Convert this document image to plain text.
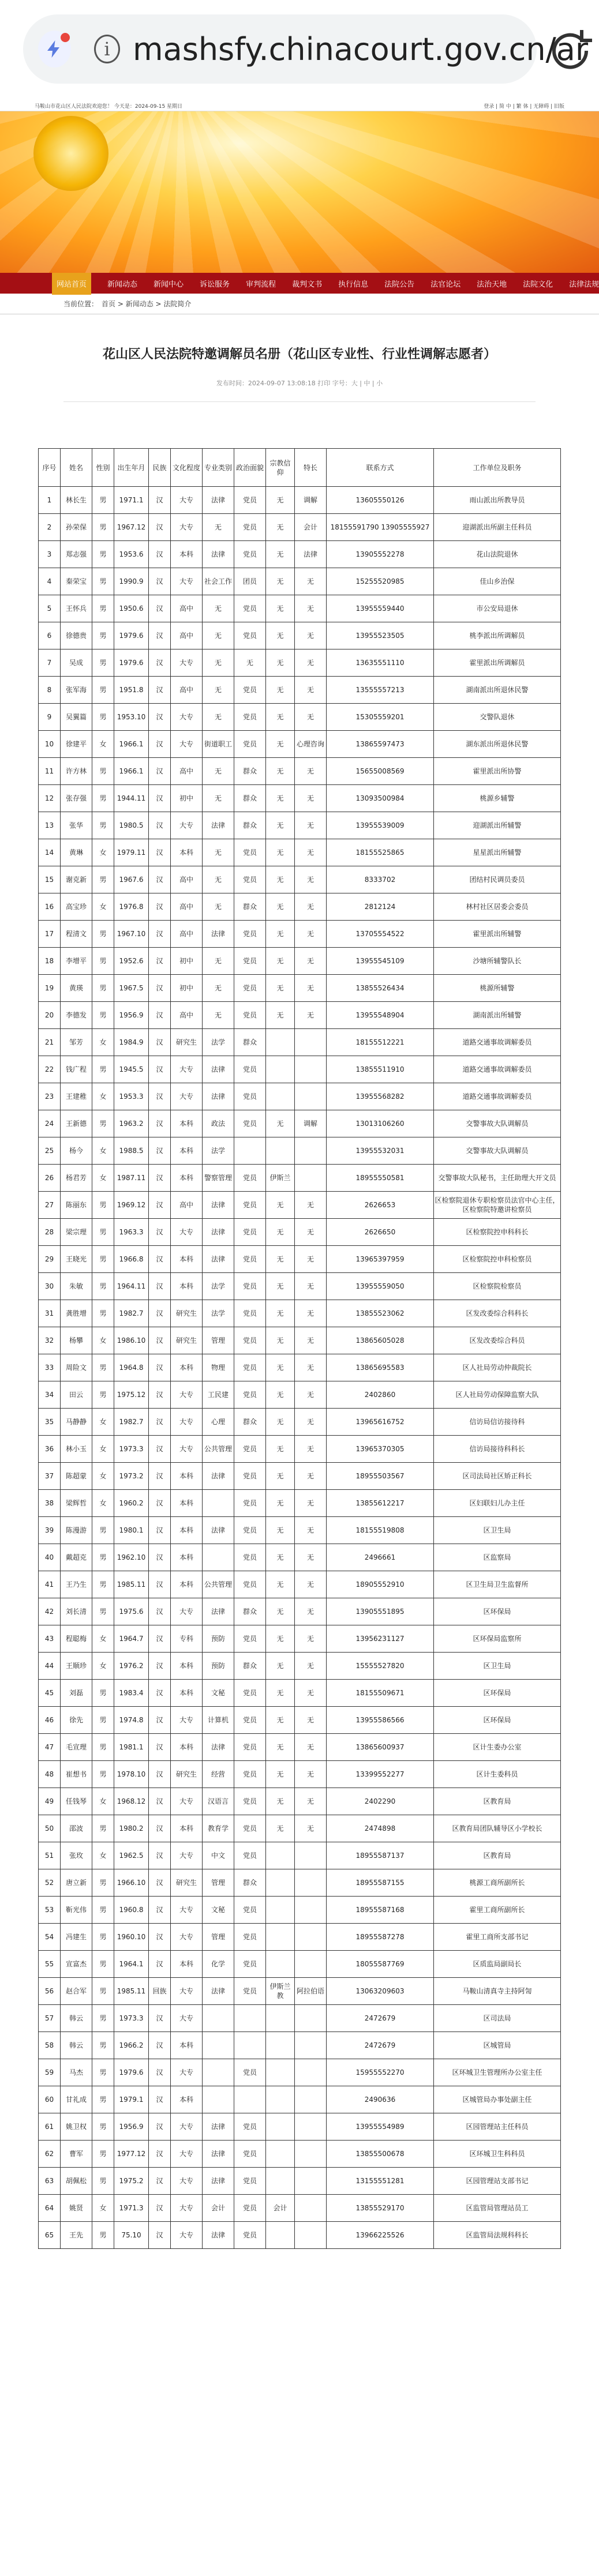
i mashsfy.chinacourt.gov.cn/ar
马鞍山市花山区人民法院欢迎您！ 今天是：2024-09-15 星期日	登录 | 简 中 | 繁 体 | 无障碍 | 旧版
网站首页	新闻动态 新闻中心 诉讼服务 审判流程 裁判文书 执行信息 法院公告 法官论坛 法治天地 法院文化 法律法规
当前位置： 首页 > 新闻动态 > 法院简介
花山区人民法院特邀调解员名册（花山区专业性、行业性调解志愿者）
发布时间：2024-09-07 13:08:18 打印 字号：大 | 中 | 小
序号	姓名	性别	出生年月	民族	文化程度	专业类别	政治面貌	宗教信仰	特长	联系方式	工作单位及职务
1	林长生	男	1971.1	汉	大专	法律	党员	无	调解	13605550126	雨山派出所教导员
2	孙荣保	男	1967.12	汉	大专	无	党员	无	会计	18155591790 13905555927	迎湖派出所副主任科员
3	郑志强	男	1953.6	汉	本科	法律	党员	无	法律	13905552278	花山法院退休
4	秦荣宝	男	1990.9	汉	大专	社会工作	团员	无	无	15255520985	佳山乡治保
5	王怀兵	男	1950.6	汉	高中	无	党员	无	无	13955559440	市公安局退休
6	徐德贵	男	1979.6	汉	高中	无	党员	无	无	13955523505	桃李派出所调解员
7	吴成	男	1979.6	汉	大专	无	无	无	无	13635551110	霍里派出所调解员
8	张军海	男	1951.8	汉	高中	无	党员	无	无	13555557213	湖南派出所退休民警
9	吴翼篇	男	1953.10	汉	大专	无	党员	无	无	15305559201	交警队退休
10	徐建平	女	1966.1	汉	大专	街道职工	党员	无	心理咨询	13865597473	湖东派出所退休民警
11	许方林	男	1966.1	汉	高中	无	群众	无	无	15655008569	霍里派出所协警
12	张存强	男	1944.11	汉	初中	无	群众	无	无	13093500984	桃源乡辅警
13	张华	男	1980.5	汉	大专	法律	群众	无	无	13955539009	迎湖派出所辅警
14	黄琳	女	1979.11	汉	本科	无	党员	无	无	18155525865	星星派出所辅警
15	谢克新	男	1967.6	汉	高中	无	党员	无	无	8333702	团结村民调员委员
16	高宝珍	女	1976.8	汉	高中	无	群众	无	无	2812124	林村社区居委会委员
17	程清文	男	1967.10	汉	高中	法律	党员	无	无	13705554522	霍里派出所辅警
18	李增平	男	1952.6	汉	初中	无	党员	无	无	13955545109	沙塘所辅警队长
19	黄瑛	男	1967.5	汉	初中	无	党员	无	无	13855526434	桃源所辅警
20	李德发	男	1956.9	汉	高中	无	党员	无	无	13955548904	湖南派出所辅警
21	邹芳	女	1984.9	汉	研究生	法学	群众			18155512221	道路交通事故调解委员
22	钱广程	男	1945.5	汉	大专	法律	党员			13855511910	道路交通事故调解委员
23	王建稚	女	1953.3	汉	大专	法律	党员			13955568282	道路交通事故调解委员
24	王新德	男	1963.2	汉	本科	政法	党员	无	调解	13013106260	交警事故大队调解员
25	杨今	女	1988.5	汉	本科	法学				13955532031	交警事故大队调解员
26	杨君芳	女	1987.11	汉	本科	警察管理	党员	伊斯兰		18955550581	交警事故大队秘书，主任助理大开文员
27	陈丽东	男	1969.12	汉	高中	法律	党员	无	无	2626653	区检察院退休专职检察员法官中心主任，区检察院特邀讲检察员
28	梁宗理	男	1963.3	汉	大专	法律	党员	无	无	2626650	区检察院控申科科长
29	王晓光	男	1966.8	汉	本科	法律	党员	无	无	13965397959	区检察院控申科检察员
30	朱敏	男	1964.11	汉	本科	法学	党员	无	无	13955559050	区检察院检察员
31	龚胜增	男	1982.7	汉	研究生	法学	党员	无	无	13855523062	区发改委综合科科长
32	杨攀	女	1986.10	汉	研究生	管理	党员	无	无	13865605028	区发改委综合科员
33	周险文	男	1964.8	汉	本科	物理	党员	无	无	13865695583	区人社局劳动仲裁院长
34	田云	男	1975.12	汉	大专	工民建	党员	无	无	2402860	区人社局劳动保障监察大队
35	马静静	女	1982.7	汉	大专	心理	群众	无	无	13965616752	信访局信访接待科
36	林小玉	女	1973.3	汉	大专	公共管理	党员	无	无	13965370305	信访局接待科科长
37	陈超蒙	女	1973.2	汉	本科	法律	党员	无	无	18955503567	区司法局社区矫正科长
38	梁辉哲	女	1960.2	汉	本科		党员	无	无	13855612217	区妇联妇儿办主任
39	陈漫游	男	1980.1	汉	本科	法律	党员	无	无	18155519808	区卫生局
40	戴超克	男	1962.10	汉	本科		党员	无	无	2496661	区监察局
41	王乃生	男	1985.11	汉	本科	公共管理	党员	无	无	18905552910	区卫生局卫生监督所
42	刘长清	男	1975.6	汉	大专	法律	群众	无	无	13905551895	区环保局
43	程聪梅	女	1964.7	汉	专科	预防	党员	无	无	13956231127	区环保局监察所
44	王顺珍	女	1976.2	汉	本科	预防	群众	无	无	15555527820	区卫生局
45	刘磊	男	1983.4	汉	本科	文秘	党员	无	无	18155509671	区环保局
46	徐先	男	1974.8	汉	大专	计算机	党员	无	无	13955586566	区环保局
47	毛宣理	男	1981.1	汉	本科	法律	党员	无	无	13865600937	区计生委办公室
48	崔想书	男	1978.10	汉	研究生	经营	党员	无	无	13399552277	区计生委科员
49	任钱琴	女	1968.12	汉	大专	汉语言	党员	无	无	2402290	区教育局
50	邵波	男	1980.2	汉	本科	教育学	党员	无	无	2474898	区教育局团队辅导区小学校长
51	张玫	女	1962.5	汉	大专	中文	党员			18955587137	区教育局
52	唐立新	男	1966.10	汉	研究生	管理	群众			18955587155	桃源工商所副所长
53	靳光伟	男	1960.8	汉	大专	文秘	党员			18955587168	霍里工商所副所长
54	冯建生	男	1960.10	汉	大专	管理	党员			18955587278	霍里工商所支部书记
55	宣富杰	男	1964.1	汉	本科	化学	党员			18055587769	区质监局副局长
56	赵合军	男	1985.11	回族	大专	法律	党员	伊斯兰教	阿拉伯语	13063209603	马鞍山清真寺主持阿訇
57	韩云	男	1973.3	汉	大专					2472679	区司法局
58	韩云	男	1966.2	汉	本科					2472679	区城管局
59	马杰	男	1979.6	汉	大专		党员			15955552270	区环城卫生管理所办公室主任
60	甘礼成	男	1979.1	汉	本科					2490636	区城管局办事处副主任
61	姚卫权	男	1956.9	汉	大专	法律	党员			13955554989	区园管理站主任科员
62	曹军	男	1977.12	汉	大专	法律	党员			13855500678	区环城卫生科科员
63	胡佩松	男	1975.2	汉	大专	法律	党员			13155551281	区园管理站支部书记
64	姚贤	女	1971.3	汉	大专	会计	党员	会计		13855529170	区监管局管理站员工
65	王先	男	75.10	汉	大专	法律	党员			13966225526	区监管局法规科科长
